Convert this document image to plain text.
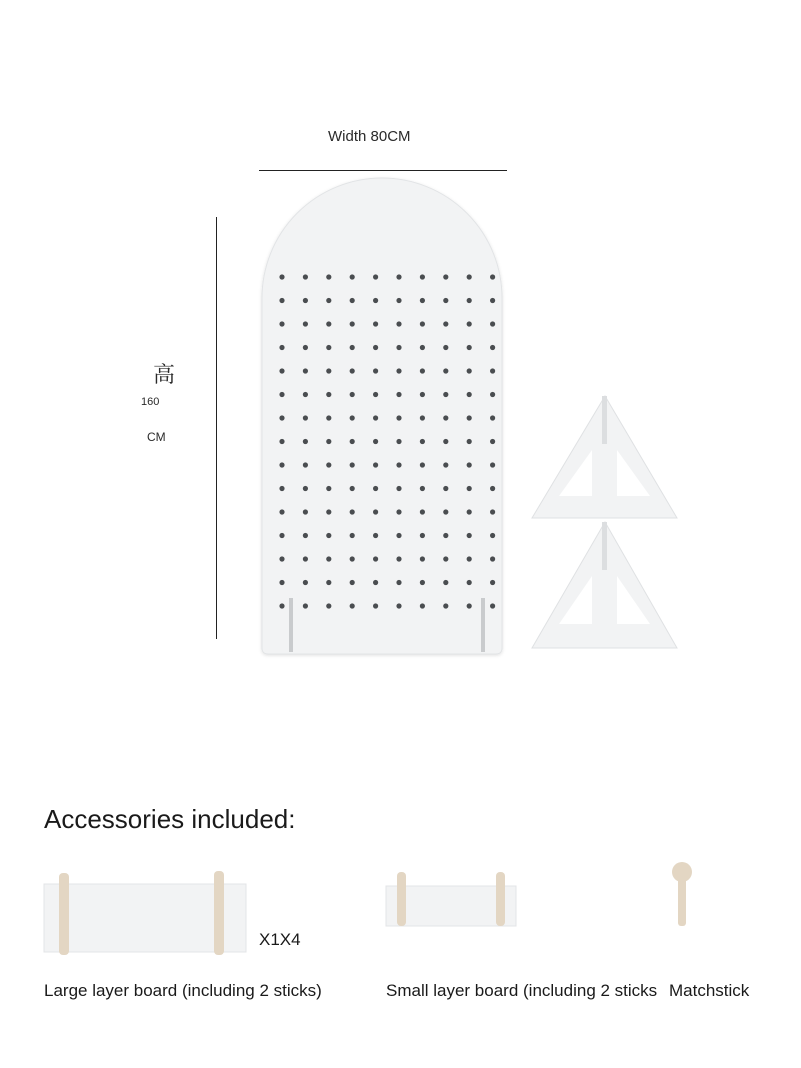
Width 80CM
高
160
CM
Accessories included:
X1X4
Large layer board (including 2 sticks)	Small layer board (including 2 sticks Matchstick
